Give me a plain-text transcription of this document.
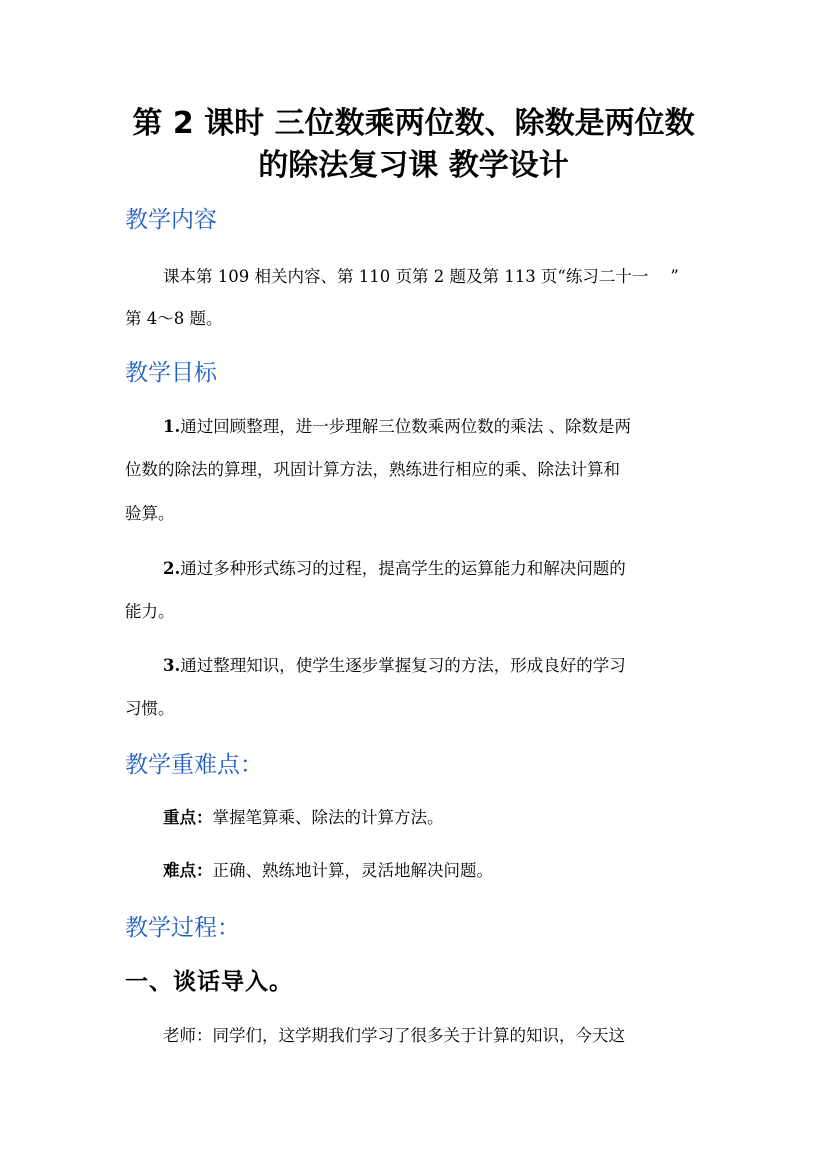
第 2 课时 三位数乘两位数、除数是两位数
的除法复习课 教学设计
教学内容
课本第 109 相关内容、第 110 页第 2 题及第 113 页“练习二十一 ”
第 4～8 题。
教学目标
1.通过回顾整理，进一步理解三位数乘两位数的乘法 、除数是两
位数的除法的算理，巩固计算方法，熟练进行相应的乘、除法计算和
验算。
2.通过多种形式练习的过程，提高学生的运算能力和解决问题的
能力。
3.通过整理知识，使学生逐步掌握复习的方法，形成良好的学习
习惯。
教学重难点：
重点：掌握笔算乘、除法的计算方法。
难点：正确、熟练地计算，灵活地解决问题。
教学过程：
一、谈话导入。
老师：同学们，这学期我们学习了很多关于计算的知识，今天这
